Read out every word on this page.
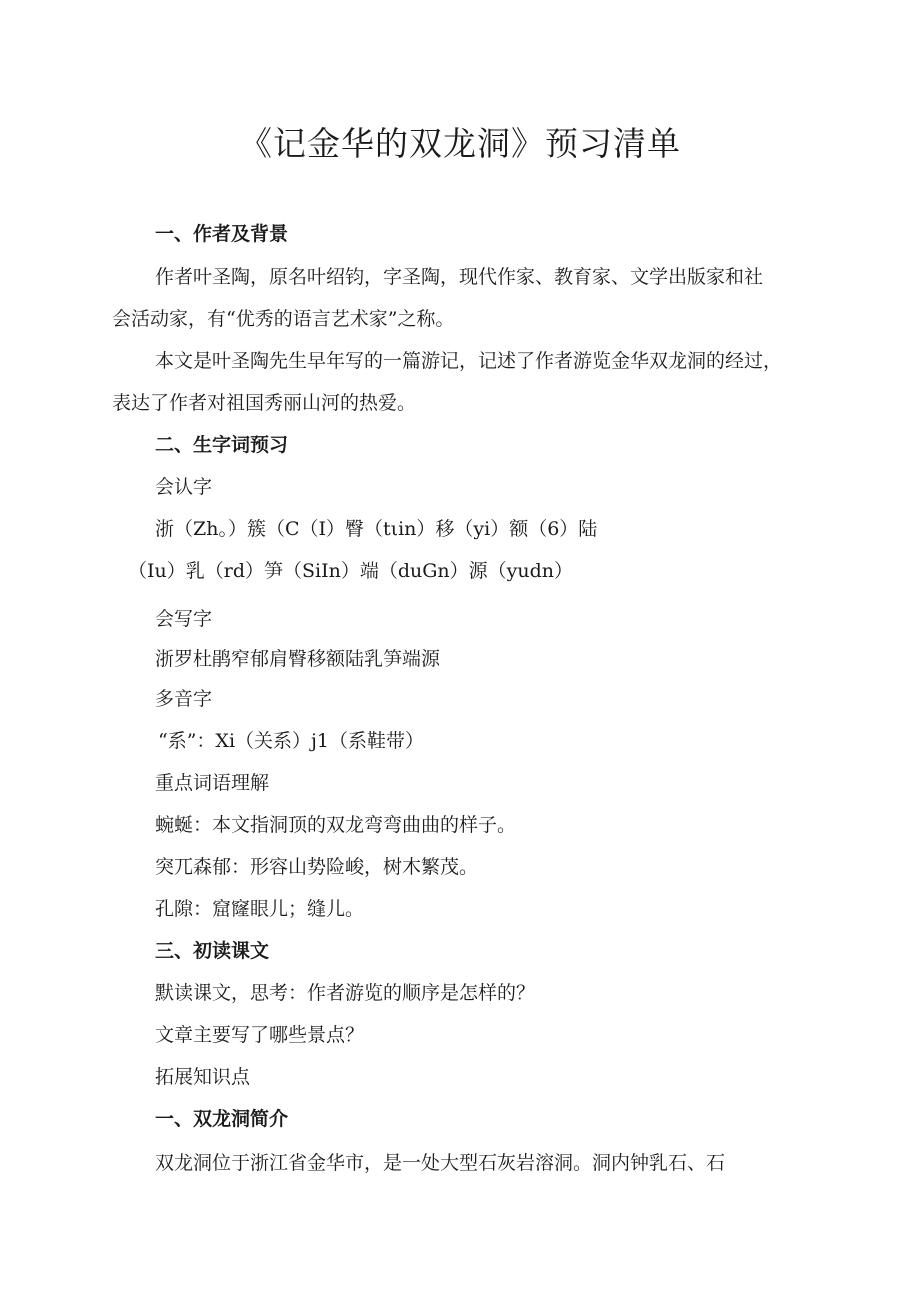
《记金华的双龙洞》预习清单

一、作者及背景

作者叶圣陶，原名叶绍钧，字圣陶，现代作家、教育家、文学出版家和社

会活动家，有“优秀的语言艺术家”之称。

本文是叶圣陶先生早年写的一篇游记，记述了作者游览金华双龙洞的经过，

表达了作者对祖国秀丽山河的热爱。

二、生字词预习

会认字

浙（Zh。）簇（C（I）臀（tιin）移（yi）额（6）陆

（Iu）乳（rd）笋（SiIn）端（duGn）源（yudn）

会写字

浙罗杜鹃窄郁肩臀移额陆乳笋端源

多音字

“系”：Xi（关系）j1（系鞋带）

重点词语理解

蜿蜒：本文指洞顶的双龙弯弯曲曲的样子。

突兀森郁：形容山势险峻，树木繁茂。

孔隙：窟窿眼儿；缝儿。

三、初读课文

默读课文，思考：作者游览的顺序是怎样的？

文章主要写了哪些景点？

拓展知识点

一、双龙洞简介

双龙洞位于浙江省金华市，是一处大型石灰岩溶洞。洞内钟乳石、石
